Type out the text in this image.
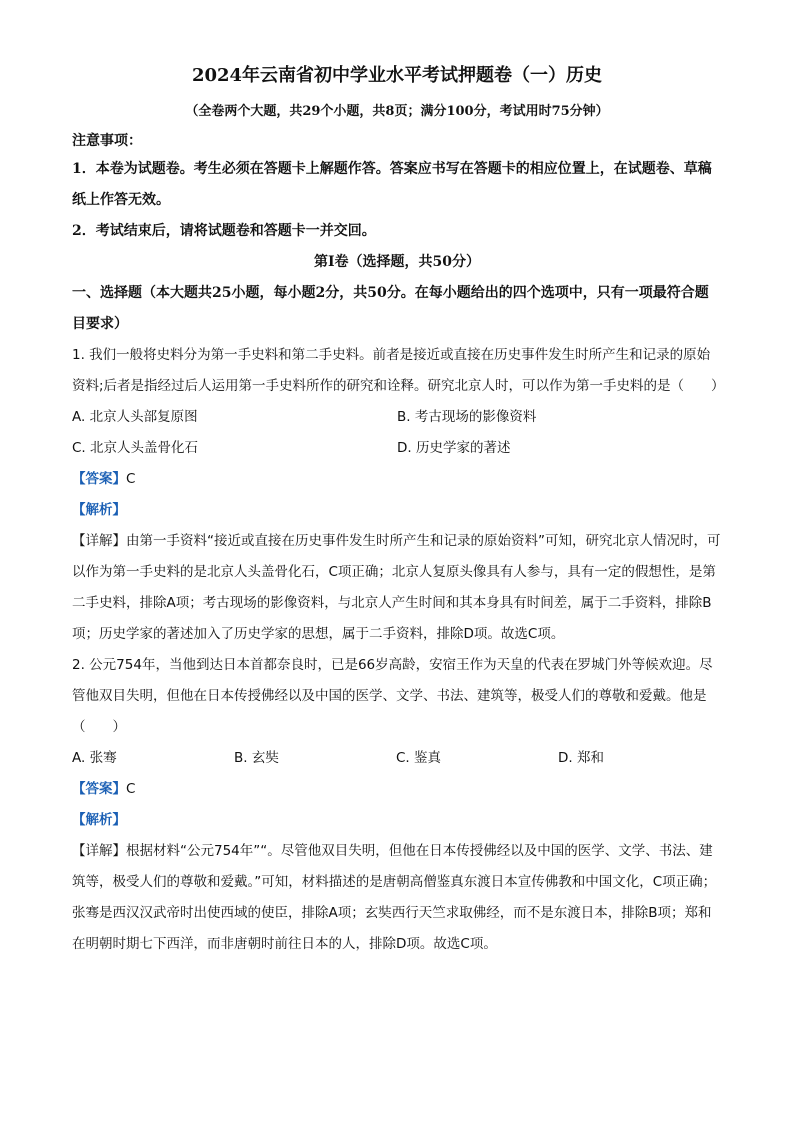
2024年云南省初中学业水平考试押题卷（一）历史
（全卷两个大题，共29个小题，共8页；满分100分，考试用时75分钟）
注意事项：
1．本卷为试题卷。考生必须在答题卡上解题作答。答案应书写在答题卡的相应位置上，在试题卷、草稿纸上作答无效。
2．考试结束后，请将试题卷和答题卡一并交回。
第Ⅰ卷（选择题，共50分）
一、选择题（本大题共25小题，每小题2分，共50分。在每小题给出的四个选项中，只有一项最符合题目要求）
1. 我们一般将史料分为第一手史料和第二手史料。前者是接近或直接在历史事件发生时所产生和记录的原始资料;后者是指经过后人运用第一手史料所作的研究和诠释。研究北京人时，可以作为第一手史料的是（　　）
A. 北京人头部复原图	B. 考古现场的影像资料
C. 北京人头盖骨化石	D. 历史学家的著述
【答案】C
【解析】
【详解】由第一手资料“接近或直接在历史事件发生时所产生和记录的原始资料”可知，研究北京人情况时，可以作为第一手史料的是北京人头盖骨化石，C项正确；北京人复原头像具有人参与，具有一定的假想性，是第二手史料，排除A项；考古现场的影像资料，与北京人产生时间和其本身具有时间差，属于二手资料，排除B项；历史学家的著述加入了历史学家的思想，属于二手资料，排除D项。故选C项。
2. 公元754年，当他到达日本首都奈良时，已是66岁高龄，安宿王作为天皇的代表在罗城门外等候欢迎。尽管他双目失明，但他在日本传授佛经以及中国的医学、文学、书法、建筑等，极受人们的尊敬和爱戴。他是（　　）
A. 张骞	B. 玄奘	C. 鉴真	D. 郑和
【答案】C
【解析】
【详解】根据材料“公元754年”“。尽管他双目失明，但他在日本传授佛经以及中国的医学、文学、书法、建筑等，极受人们的尊敬和爱戴。”可知，材料描述的是唐朝高僧鉴真东渡日本宣传佛教和中国文化，C项正确；张骞是西汉汉武帝时出使西域的使臣，排除A项；玄奘西行天竺求取佛经，而不是东渡日本，排除B项；郑和在明朝时期七下西洋，而非唐朝时前往日本的人，排除D项。故选C项。
